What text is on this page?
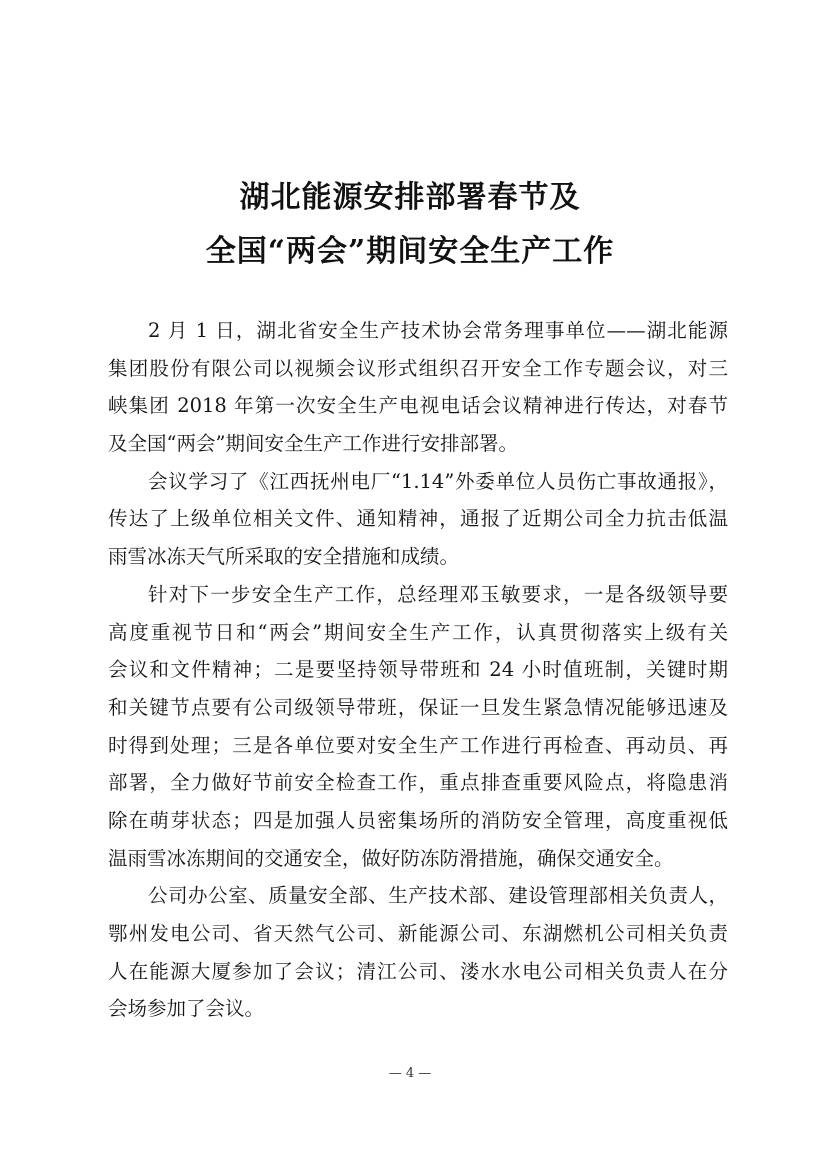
湖北能源安排部署春节及
全国“两会”期间安全生产工作
2 月 1 日，湖北省安全生产技术协会常务理事单位——湖北能源
集团股份有限公司以视频会议形式组织召开安全工作专题会议，对三
峡集团 2018 年第一次安全生产电视电话会议精神进行传达，对春节
及全国“两会”期间安全生产工作进行安排部署。
会议学习了《江西抚州电厂“1.14”外委单位人员伤亡事故通报》，
传达了上级单位相关文件、通知精神，通报了近期公司全力抗击低温
雨雪冰冻天气所采取的安全措施和成绩。
针对下一步安全生产工作，总经理邓玉敏要求，一是各级领导要
高度重视节日和“两会”期间安全生产工作，认真贯彻落实上级有关
会议和文件精神；二是要坚持领导带班和 24 小时值班制，关键时期
和关键节点要有公司级领导带班，保证一旦发生紧急情况能够迅速及
时得到处理；三是各单位要对安全生产工作进行再检查、再动员、再
部署，全力做好节前安全检查工作，重点排查重要风险点，将隐患消
除在萌芽状态；四是加强人员密集场所的消防安全管理，高度重视低
温雨雪冰冻期间的交通安全，做好防冻防滑措施，确保交通安全。
公司办公室、质量安全部、生产技术部、建设管理部相关负责人，
鄂州发电公司、省天然气公司、新能源公司、东湖燃机公司相关负责
人在能源大厦参加了会议；清江公司、溇水水电公司相关负责人在分
会场参加了会议。
— 4 —
